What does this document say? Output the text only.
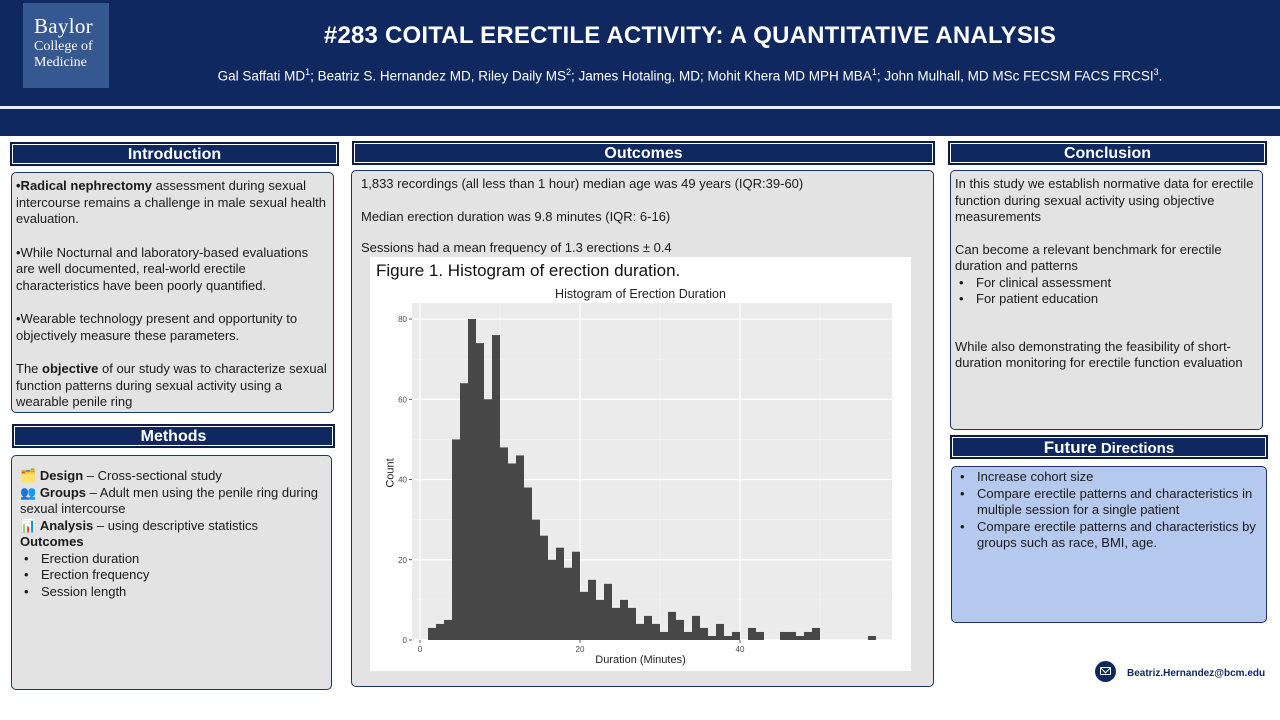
Baylor
College of
Medicine
#283 COITAL ERECTILE ACTIVITY: A QUANTITATIVE ANALYSIS
Gal Saffati $MD^1$; Beatriz S. Hernandez MD, Riley Daily $MS^2$; James Hotaling, MD; Mohit Khera MD MPH MBA$^1$; John Mulhall, MD MSc FECSM FACS FRCSI$^3$.
Introduction

•Radical nephrectomy assessment during sexual intercourse remains a challenge in male sexual health evaluation.

•While Nocturnal and laboratory-based evaluations are well documented, real-world erectile characteristics have been poorly quantified.

•Wearable technology present and opportunity to objectively measure these parameters.

The objective of our study was to characterize sexual function patterns during sexual activity using a wearable penile ring

Methods

🗂️ Design – Cross-sectional study

👥 Groups – Adult men using the penile ring during sexual intercourse

📊 Analysis – using descriptive statistics

Outcomes

• Erection duration
• Erection frequency
• Session length
Outcomes

1,833 recordings (all less than 1 hour) median age was 49 years (IQR:39-60)

Median erection duration was 9.8 minutes (IQR: 6-16)

Sessions had a mean frequency of 1.3 erections ± 0.4

Figure 1. Histogram of erection duration.
Histogram of Erection Duration
0
20
40
60
80
0	20	40
Count
Duration (Minutes)
Conclusion

In this study we establish normative data for erectile function during sexual activity using objective measurements

Can become a relevant benchmark for erectile duration and patterns

• For clinical assessment
• For patient education

While also demonstrating the feasibility of short-duration monitoring for erectile function evaluation

Future Directions
• Increase cohort size
• Compare erectile patterns and characteristics in multiple session for a single patient
• Compare erectile patterns and characteristics by groups such as race, BMI, age.
Beatriz.Hernandez@bcm.edu
